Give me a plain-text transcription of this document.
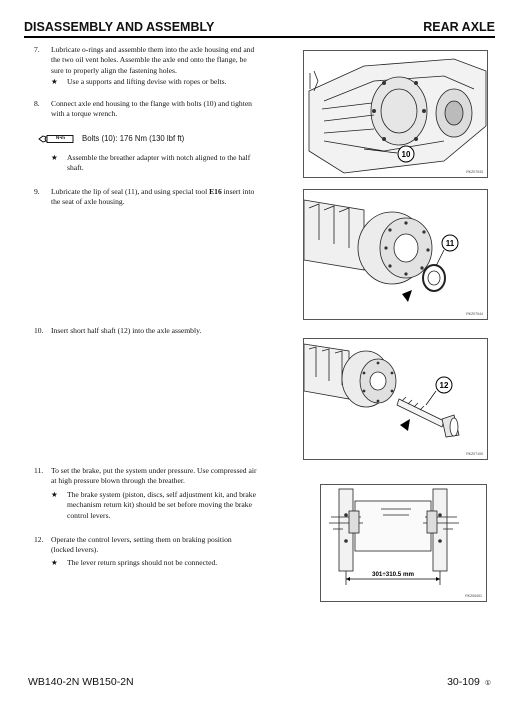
DISASSEMBLY AND ASSEMBLY	REAR AXLE
7. Lubricate o-rings and assemble them into the axle housing end and
the two oil vent holes. Assemble the axle end onto the flange, be
sure to properly align the fastening holes.
★ Use a supports and lifting devise with ropes or belts.
8. Connect axle end housing to the flange with bolts (10) and tighten
with a torque wrench.
N•m Bolts (10): 176 Nm (130 lbf ft)
★ Assemble the breather adapter with notch aligned to the half
shaft.
9. Lubricate the lip of seal (11), and using special tool E16 insert into
the seat of axle housing.
10. Insert short half shaft (12) into the axle assembly.
11. To set the brake, put the system under pressure. Use compressed air
at high pressure blown through the breather.
★ The brake system (piston, discs, self adjustment kit, and brake
mechanism return kit) should be set before moving the brake
control levers.
12. Operate the control levers, setting them on braking position
(locked levers).
★ The lever return springs should not be connected.
10
RKZ07043
11
RKZ07044
12
RKZ07100
301÷310.5 mm
RKZ06451
WB140-2N WB150-2N	30-109 ①
